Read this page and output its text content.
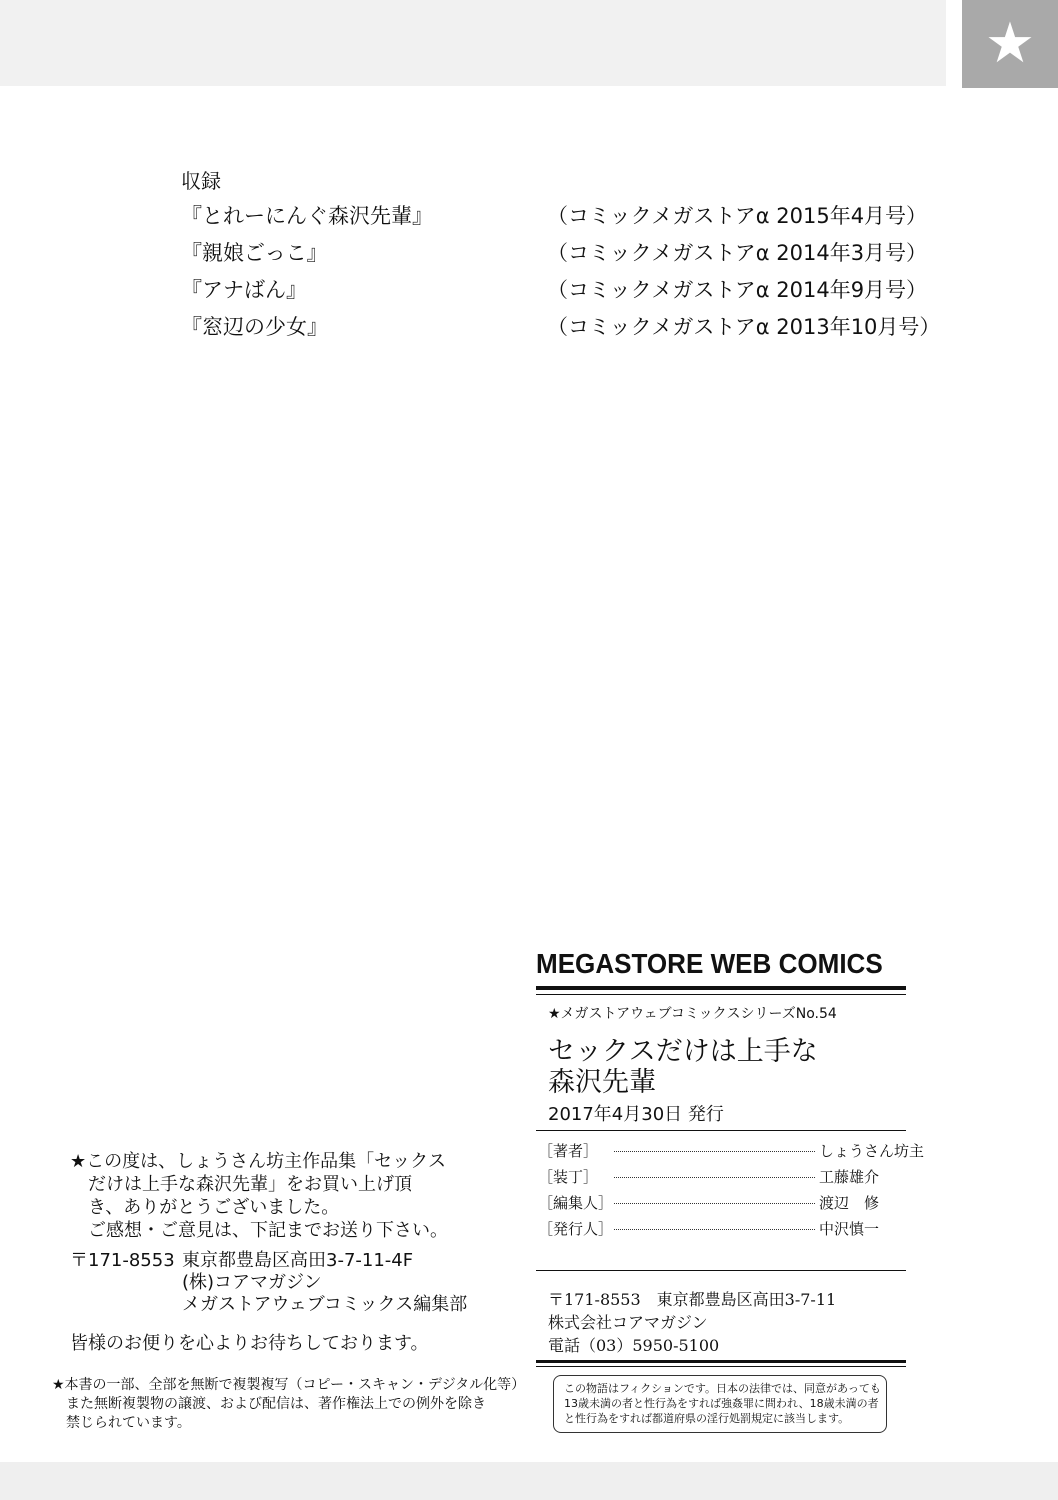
★
収録
『とれーにんぐ森沢先輩』	（コミックメガストアα 2015年4月号）
『親娘ごっこ』	（コミックメガストアα 2014年3月号）
『アナばん』	（コミックメガストアα 2014年9月号）
『窓辺の少女』	（コミックメガストアα 2013年10月号）
MEGASTORE WEB COMICS
★メガストアウェブコミックスシリーズNo.54
セックスだけは上手な
森沢先輩
2017年4月30日 発行
［著者］	しょうさん坊主
［装丁］	工藤雄介
［編集人］	渡辺　修
［発行人］	中沢慎一
〒171-8553　東京都豊島区高田3-7-11
株式会社コアマガジン
電話（03）5950-5100
この物語はフィクションです。日本の法律では、同意があっても
13歳未満の者と性行為をすれば強姦罪に問われ、18歳未満の者
と性行為をすれば都道府県の淫行処罰規定に該当します。
★この度は、しょうさん坊主作品集「セックス
だけは上手な森沢先輩」をお買い上げ頂
き、ありがとうございました。
ご感想・ご意見は、下記までお送り下さい。
〒171-8553 東京都豊島区高田3-7-11-4F
(株)コアマガジン
メガストアウェブコミックス編集部
皆様のお便りを心よりお待ちしております。
★本書の一部、全部を無断で複製複写（コピー・スキャン・デジタル化等）
また無断複製物の譲渡、および配信は、著作権法上での例外を除き
禁じられています。
